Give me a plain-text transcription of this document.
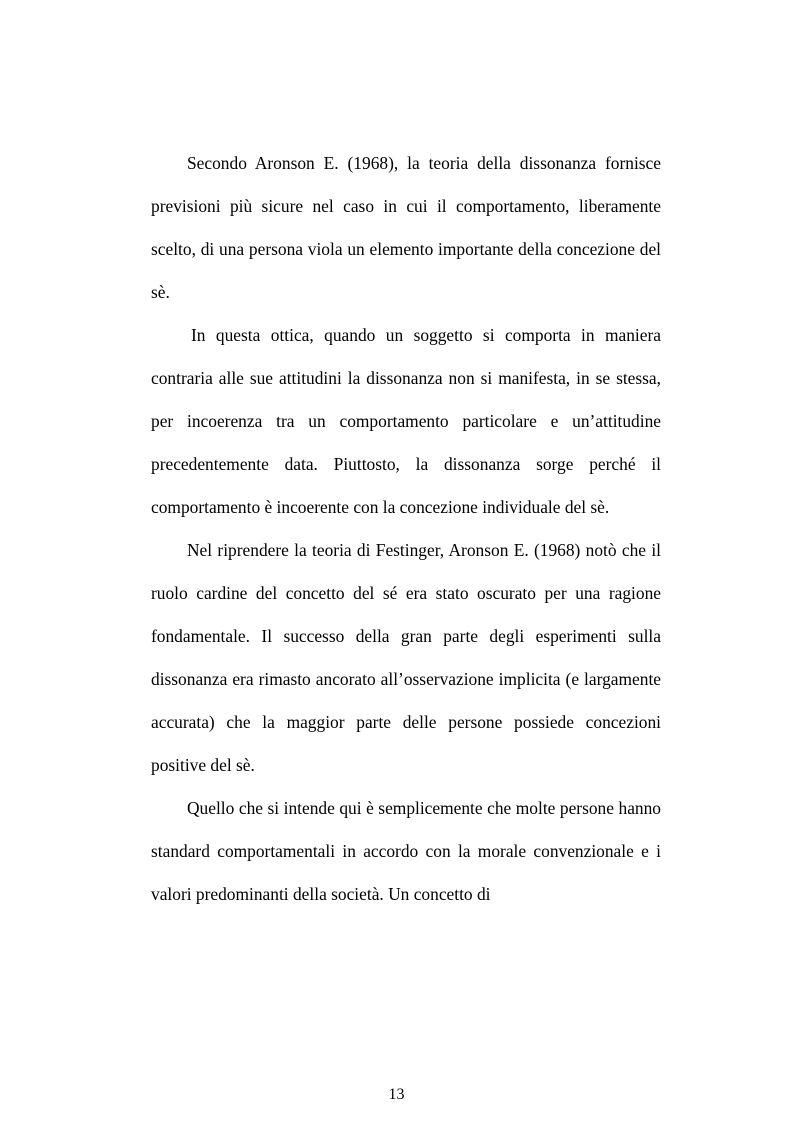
Secondo Aronson E. (1968), la teoria della dissonanza fornisce previsioni più sicure nel caso in cui il comportamento, liberamente scelto, di una persona viola un elemento importante della concezione del sè.

In questa ottica, quando un soggetto si comporta in maniera contraria alle sue attitudini la dissonanza non si manifesta, in se stessa, per incoerenza tra un comportamento particolare e un’attitudine precedentemente data. Piuttosto, la dissonanza sorge perché il comportamento è incoerente con la concezione individuale del sè.

Nel riprendere la teoria di Festinger, Aronson E. (1968) notò che il ruolo cardine del concetto del sé era stato oscurato per una ragione fondamentale. Il successo della gran parte degli esperimenti sulla dissonanza era rimasto ancorato all’osservazione implicita (e largamente accurata) che la maggior parte delle persone possiede concezioni positive del sè.

Quello che si intende qui è semplicemente che molte persone hanno standard comportamentali in accordo con la morale convenzionale e i valori predominanti della società. Un concetto di

13
